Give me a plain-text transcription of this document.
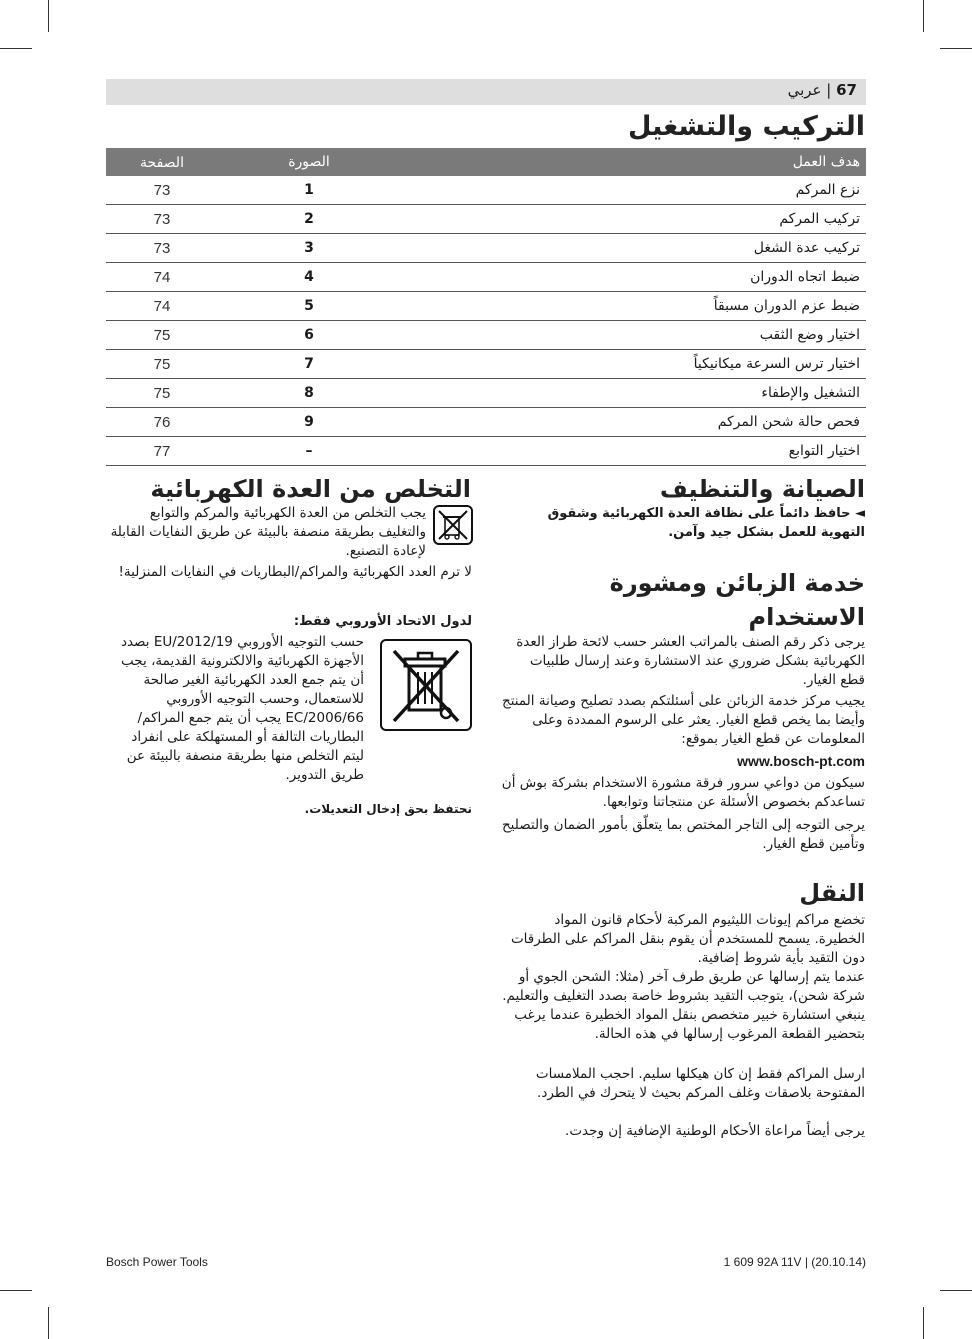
67 | عربي
التركيب والتشغيل
هدف العمل	الصورة	الصفحة
نزع المركم	1	73
تركيب المركم	2	73
تركيب عدة الشغل	3	73
ضبط اتجاه الدوران	4	74
ضبط عزم الدوران مسبقاً	5	74
اختيار وضع الثقب	6	75
اختيار ترس السرعة ميكانيكياً	7	75
التشغيل والإطفاء	8	75
فحص حالة شحن المركم	9	76
اختيار التوابع	–	77
الصيانة والتنظيف
◄ حافظ دائماً على نظافة العدة الكهربائية وشقوق التهوية للعمل بشكل جيد وآمن.
خدمة الزبائن ومشورة الاستخدام
يرجى ذكر رقم الصنف بالمراتب العشر حسب لائحة طراز العدة الكهربائية بشكل ضروري عند الاستشارة وعند إرسال طلبيات قطع الغيار.
يجيب مركز خدمة الزبائن على أسئلتكم بصدد تصليح وصيانة المنتج وأيضا بما يخص قطع الغيار. يعثر على الرسوم الممددة وعلى المعلومات عن قطع الغيار بموقع:
www.bosch-pt.com
سيكون من دواعي سرور فرقة مشورة الاستخدام بشركة بوش أن تساعدكم بخصوص الأسئلة عن منتجاتنا وتوابعها.
يرجى التوجه إلى التاجر المختص بما يتعلّق بأمور الضمان والتصليح وتأمين قطع الغيار.
النقل
تخضع مراكم إيونات الليثيوم المركبة لأحكام قانون المواد الخطيرة. يسمح للمستخدم أن يقوم بنقل المراكم على الطرقات دون التقيد بأية شروط إضافية.
عندما يتم إرسالها عن طريق طرف آخر (مثلا: الشحن الجوي أو شركة شحن)، يتوجب التقيد بشروط خاصة بصدد التغليف والتعليم. ينبغي استشارة خبير متخصص بنقل المواد الخطيرة عندما يرغب بتحضير القطعة المرغوب إرسالها في هذه الحالة.
ارسل المراكم فقط إن كان هيكلها سليم. احجب الملامسات المفتوحة بلاصقات وغلف المركم بحيث لا يتحرك في الطرد.
يرجى أيضاً مراعاة الأحكام الوطنية الإضافية إن وجدت.
التخلص من العدة الكهربائية
يجب التخلص من العدة الكهربائية والمركم والتوابع والتغليف بطريقة منصفة بالبيئة عن طريق النفايات القابلة لإعادة التصنيع.
لا ترم العدد الكهربائية والمراكم/البطاريات في النفايات المنزلية!
لدول الاتحاد الأوروبي فقط:
حسب التوجيه الأوروبي 2012/19/EU بصدد الأجهزة الكهربائية والالكترونية القديمة، يجب أن يتم جمع العدد الكهربائية الغير صالحة للاستعمال، وحسب التوجيه الأوروبي 2006/66/EC يجب أن يتم جمع المراكم/البطاريات التالفة أو المستهلكة على انفراد ليتم التخلص منها بطريقة منصفة بالبيئة عن طريق التدوير.
نحتفظ بحق إدخال التعديلات.
Bosch Power Tools	1 609 92A 11V | (20.10.14)
